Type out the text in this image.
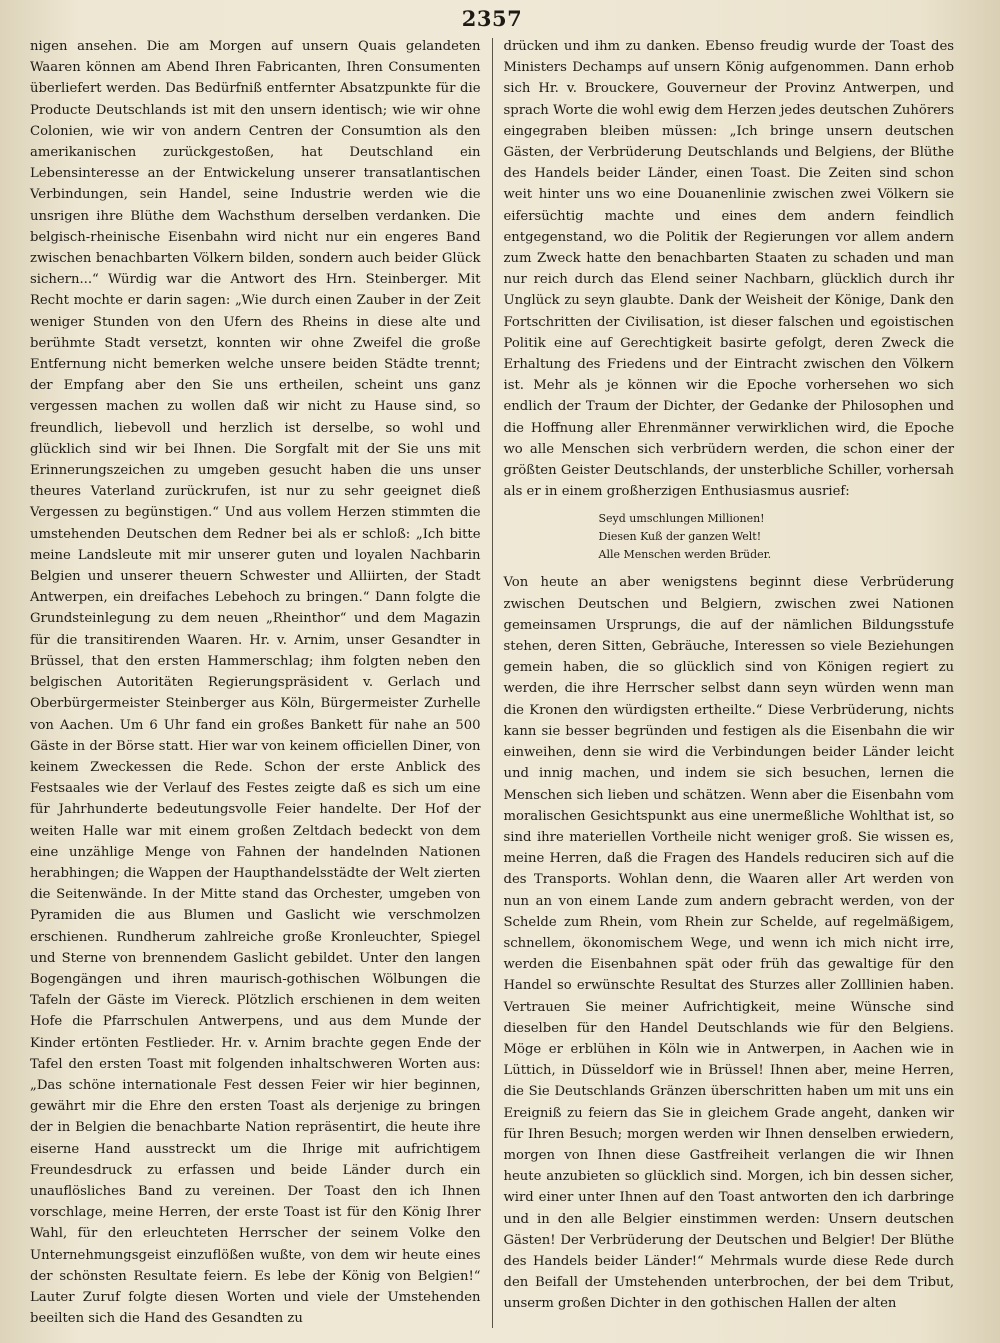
2357

nigen ansehen. Die am Morgen auf unsern Quais gelandeten Waaren können am Abend Ihren Fabricanten, Ihren Consumenten überliefert werden. Das Bedürfniß entfernter Absatzpunkte für die Producte Deutschlands ist mit den unsern identisch; wie wir ohne Colonien, wie wir von andern Centren der Consumtion als den amerikanischen zurückgestoßen, hat Deutschland ein Lebensinteresse an der Entwickelung unserer transatlantischen Verbindungen, sein Handel, seine Industrie werden wie die unsrigen ihre Blüthe dem Wachsthum derselben verdanken. Die belgisch-rheinische Eisenbahn wird nicht nur ein engeres Band zwischen benachbarten Völkern bilden, sondern auch beider Glück sichern...“ Würdig war die Antwort des Hrn. Steinberger. Mit Recht mochte er darin sagen: „Wie durch einen Zauber in der Zeit weniger Stunden von den Ufern des Rheins in diese alte und berühmte Stadt versetzt, konnten wir ohne Zweifel die große Entfernung nicht bemerken welche unsere beiden Städte trennt; der Empfang aber den Sie uns ertheilen, scheint uns ganz vergessen machen zu wollen daß wir nicht zu Hause sind, so freundlich, liebevoll und herzlich ist derselbe, so wohl und glücklich sind wir bei Ihnen. Die Sorgfalt mit der Sie uns mit Erinnerungszeichen zu umgeben gesucht haben die uns unser theures Vaterland zurückrufen, ist nur zu sehr geeignet dieß Vergessen zu begünstigen.“ Und aus vollem Herzen stimmten die umstehenden Deutschen dem Redner bei als er schloß: „Ich bitte meine Landsleute mit mir unserer guten und loyalen Nachbarin Belgien und unserer theuern Schwester und Alliirten, der Stadt Antwerpen, ein dreifaches Lebehoch zu bringen.“ Dann folgte die Grundsteinlegung zu dem neuen „Rheinthor“ und dem Magazin für die transitirenden Waaren. Hr. v. Arnim, unser Gesandter in Brüssel, that den ersten Hammerschlag; ihm folgten neben den belgischen Autoritäten Regierungspräsident v. Gerlach und Oberbürgermeister Steinberger aus Köln, Bürgermeister Zurhelle von Aachen. Um 6 Uhr fand ein großes Bankett für nahe an 500 Gäste in der Börse statt. Hier war von keinem officiellen Diner, von keinem Zweckessen die Rede. Schon der erste Anblick des Festsaales wie der Verlauf des Festes zeigte daß es sich um eine für Jahrhunderte bedeutungsvolle Feier handelte. Der Hof der weiten Halle war mit einem großen Zeltdach bedeckt von dem eine unzählige Menge von Fahnen der handelnden Nationen herabhingen; die Wappen der Haupthandelsstädte der Welt zierten die Seitenwände. In der Mitte stand das Orchester, umgeben von Pyramiden die aus Blumen und Gaslicht wie verschmolzen erschienen. Rundherum zahlreiche große Kronleuchter, Spiegel und Sterne von brennendem Gaslicht gebildet. Unter den langen Bogengängen und ihren maurisch-gothischen Wölbungen die Tafeln der Gäste im Viereck. Plötzlich erschienen in dem weiten Hofe die Pfarrschulen Antwerpens, und aus dem Munde der Kinder ertönten Festlieder. Hr. v. Arnim brachte gegen Ende der Tafel den ersten Toast mit folgenden inhaltschweren Worten aus: „Das schöne internationale Fest dessen Feier wir hier beginnen, gewährt mir die Ehre den ersten Toast als derjenige zu bringen der in Belgien die benachbarte Nation repräsentirt, die heute ihre eiserne Hand ausstreckt um die Ihrige mit aufrichtigem Freundesdruck zu erfassen und beide Länder durch ein unauflösliches Band zu vereinen. Der Toast den ich Ihnen vorschlage, meine Herren, der erste Toast ist für den König Ihrer Wahl, für den erleuchteten Herrscher der seinem Volke den Unternehmungsgeist einzuflößen wußte, von dem wir heute eines der schönsten Resultate feiern. Es lebe der König von Belgien!“ Lauter Zuruf folgte diesen Worten und viele der Umstehenden beeilten sich die Hand des Gesandten zu

drücken und ihm zu danken. Ebenso freudig wurde der Toast des Ministers Dechamps auf unsern König aufgenommen. Dann erhob sich Hr. v. Brouckere, Gouverneur der Provinz Antwerpen, und sprach Worte die wohl ewig dem Herzen jedes deutschen Zuhörers eingegraben bleiben müssen: „Ich bringe unsern deutschen Gästen, der Verbrüderung Deutschlands und Belgiens, der Blüthe des Handels beider Länder, einen Toast. Die Zeiten sind schon weit hinter uns wo eine Douanenlinie zwischen zwei Völkern sie eifersüchtig machte und eines dem andern feindlich entgegenstand, wo die Politik der Regierungen vor allem andern zum Zweck hatte den benachbarten Staaten zu schaden und man nur reich durch das Elend seiner Nachbarn, glücklich durch ihr Unglück zu seyn glaubte. Dank der Weisheit der Könige, Dank den Fortschritten der Civilisation, ist dieser falschen und egoistischen Politik eine auf Gerechtigkeit basirte gefolgt, deren Zweck die Erhaltung des Friedens und der Eintracht zwischen den Völkern ist. Mehr als je können wir die Epoche vorhersehen wo sich endlich der Traum der Dichter, der Gedanke der Philosophen und die Hoffnung aller Ehrenmänner verwirklichen wird, die Epoche wo alle Menschen sich verbrüdern werden, die schon einer der größten Geister Deutschlands, der unsterbliche Schiller, vorhersah als er in einem großherzigen Enthusiasmus ausrief:

Seyd umschlungen Millionen!
Diesen Kuß der ganzen Welt!
Alle Menschen werden Brüder.

Von heute an aber wenigstens beginnt diese Verbrüderung zwischen Deutschen und Belgiern, zwischen zwei Nationen gemeinsamen Ursprungs, die auf der nämlichen Bildungsstufe stehen, deren Sitten, Gebräuche, Interessen so viele Beziehungen gemein haben, die so glücklich sind von Königen regiert zu werden, die ihre Herrscher selbst dann seyn würden wenn man die Kronen den würdigsten ertheilte.“ Diese Verbrüderung, nichts kann sie besser begründen und festigen als die Eisenbahn die wir einweihen, denn sie wird die Verbindungen beider Länder leicht und innig machen, und indem sie sich besuchen, lernen die Menschen sich lieben und schätzen. Wenn aber die Eisenbahn vom moralischen Gesichtspunkt aus eine unermeßliche Wohlthat ist, so sind ihre materiellen Vortheile nicht weniger groß. Sie wissen es, meine Herren, daß die Fragen des Handels reduciren sich auf die des Transports. Wohlan denn, die Waaren aller Art werden von nun an von einem Lande zum andern gebracht werden, von der Schelde zum Rhein, vom Rhein zur Schelde, auf regelmäßigem, schnellem, ökonomischem Wege, und wenn ich mich nicht irre, werden die Eisenbahnen spät oder früh das gewaltige für den Handel so erwünschte Resultat des Sturzes aller Zolllinien haben. Vertrauen Sie meiner Aufrichtigkeit, meine Wünsche sind dieselben für den Handel Deutschlands wie für den Belgiens. Möge er erblühen in Köln wie in Antwerpen, in Aachen wie in Lüttich, in Düsseldorf wie in Brüssel! Ihnen aber, meine Herren, die Sie Deutschlands Gränzen überschritten haben um mit uns ein Ereigniß zu feiern das Sie in gleichem Grade angeht, danken wir für Ihren Besuch; morgen werden wir Ihnen denselben erwiedern, morgen von Ihnen diese Gastfreiheit verlangen die wir Ihnen heute anzubieten so glücklich sind. Morgen, ich bin dessen sicher, wird einer unter Ihnen auf den Toast antworten den ich darbringe und in den alle Belgier einstimmen werden: Unsern deutschen Gästen! Der Verbrüderung der Deutschen und Belgier! Der Blüthe des Handels beider Länder!“ Mehrmals wurde diese Rede durch den Beifall der Umstehenden unterbrochen, der bei dem Tribut, unserm großen Dichter in den gothischen Hallen der alten
